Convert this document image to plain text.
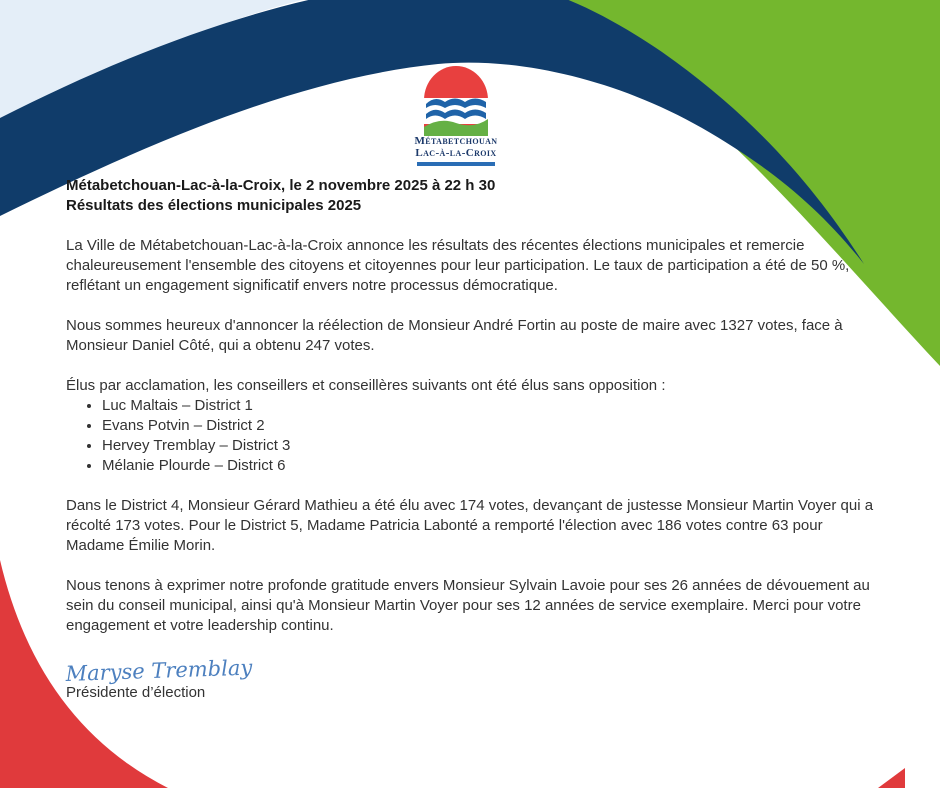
Métabetchouan
Lac-à-la-Croix
Métabetchouan-Lac-à-la-Croix, le 2 novembre 2025 à 22 h 30
Résultats des élections municipales 2025

La Ville de Métabetchouan-Lac-à-la-Croix annonce les résultats des récentes élections municipales et remercie chaleureusement l'ensemble des citoyens et citoyennes pour leur participation. Le taux de participation a été de 50 %, reflétant un engagement significatif envers notre processus démocratique.

Nous sommes heureux d'annoncer la réélection de Monsieur André Fortin au poste de maire avec 1327 votes, face à Monsieur Daniel Côté, qui a obtenu 247 votes.

Élus par acclamation, les conseillers et conseillères suivants ont été élus sans opposition :

• Luc Maltais – District 1
• Evans Potvin – District 2
• Hervey Tremblay – District 3
• Mélanie Plourde – District 6

Dans le District 4, Monsieur Gérard Mathieu a été élu avec 174 votes, devançant de justesse Monsieur Martin Voyer qui a récolté 173 votes. Pour le District 5, Madame Patricia Labonté a remporté l'élection avec 186 votes contre 63 pour Madame Émilie Morin.

Nous tenons à exprimer notre profonde gratitude envers Monsieur Sylvain Lavoie pour ses 26 années de dévouement au sein du conseil municipal, ainsi qu'à Monsieur Martin Voyer pour ses 12 années de service exemplaire. Merci pour votre engagement et votre leadership continu.

Maryse Tremblay
Présidente d’élection
